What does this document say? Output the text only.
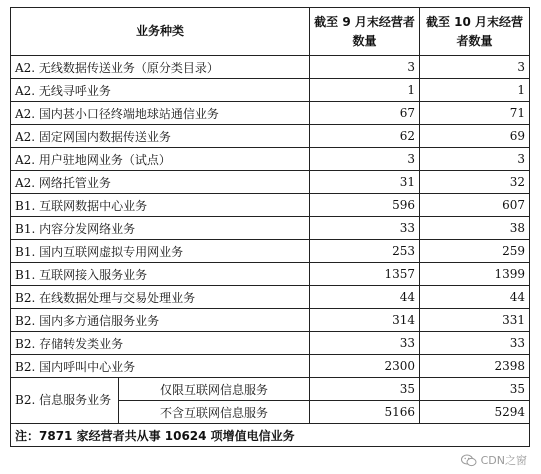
业务种类		截至 9 月末经营者数量	截至 10 月末经营者数量
A2. 无线数据传送业务（原分类目录）		3	3
A2. 无线寻呼业务		1	1
A2. 国内甚小口径终端地球站通信业务		67	71
A2. 固定网国内数据传送业务		62	69
A2. 用户驻地网业务（试点）		3	3
A2. 网络托管业务		31	32
B1. 互联网数据中心业务		596	607
B1. 内容分发网络业务		33	38
B1. 国内互联网虚拟专用网业务		253	259
B1. 互联网接入服务业务		1357	1399
B2. 在线数据处理与交易处理业务		44	44
B2. 国内多方通信服务业务		314	331
B2. 存储转发类业务		33	33
B2. 国内呼叫中心业务		2300	2398
B2. 信息服务业务	仅限互联网信息服务	35	35
	不含互联网信息服务	5166	5294
注：7871 家经营者共从事 10624 项增值电信业务			
CDN之窗
